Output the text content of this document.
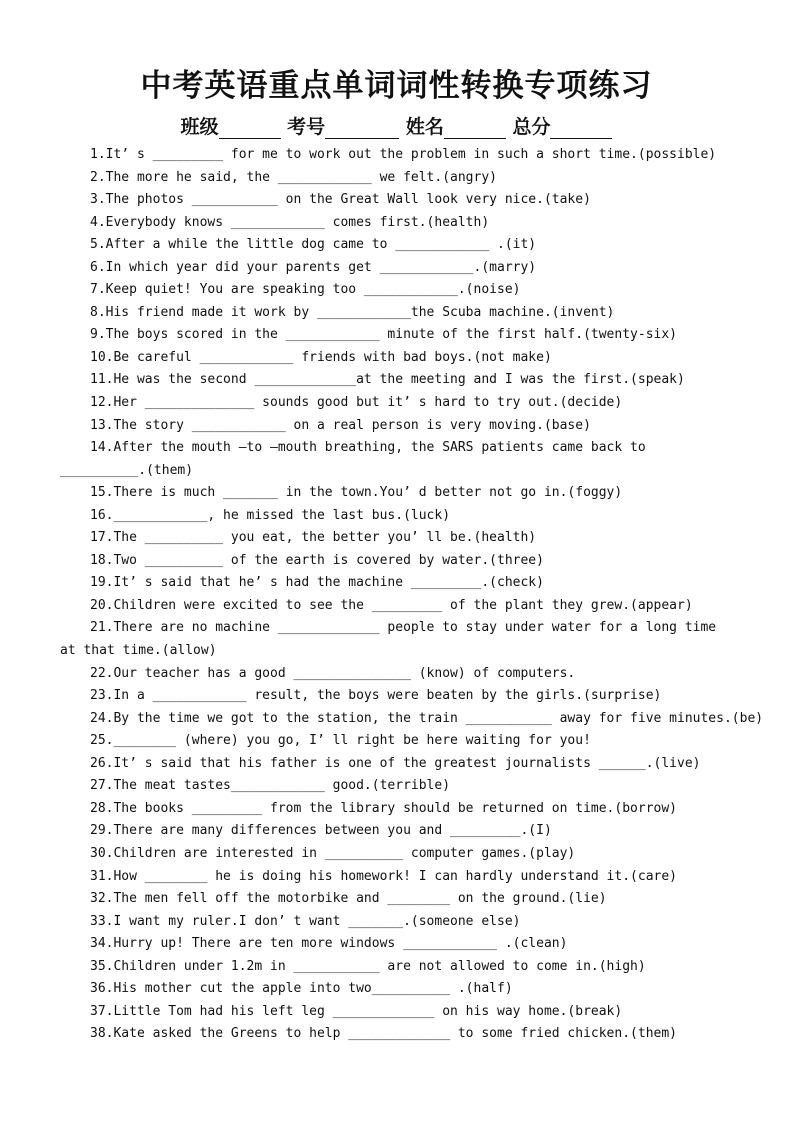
中考英语重点单词词性转换专项练习
班级	考号	姓名	总分
1.It’ s _________ for me to work out the problem in such a short time.(possible)
2.The more he said, the ____________ we felt.(angry)
3.The photos ___________ on the Great Wall look very nice.(take)
4.Everybody knows ____________ comes first.(health)
5.After a while the little dog came to ____________ .(it)
6.In which year did your parents get ____________.(marry)
7.Keep quiet! You are speaking too ____________.(noise)
8.His friend made it work by ____________the Scuba machine.(invent)
9.The boys scored in the ____________ minute of the first half.(twenty-six)
10.Be careful ____________ friends with bad boys.(not make)
11.He was the second _____________at the meeting and I was the first.(speak)
12.Her ______________ sounds good but it’ s hard to try out.(decide)
13.The story ____________ on a real person is very moving.(base)
14.After the mouth –to –mouth breathing, the SARS patients came back to __________.(them)
15.There is much _______ in the town.You’ d better not go in.(foggy)
16.____________, he missed the last bus.(luck)
17.The __________ you eat, the better you’ ll be.(health)
18.Two __________ of the earth is covered by water.(three)
19.It’ s said that he’ s had the machine _________.(check)
20.Children were excited to see the _________ of the plant they grew.(appear)
21.There are no machine _____________ people to stay under water for a long time at that time.(allow)
22.Our teacher has a good _______________ (know) of computers.
23.In a ____________ result, the boys were beaten by the girls.(surprise)
24.By the time we got to the station, the train ___________ away for five minutes.(be)
25.________ (where) you go, I’ ll right be here waiting for you!
26.It’ s said that his father is one of the greatest journalists ______.(live)
27.The meat tastes____________ good.(terrible)
28.The books _________ from the library should be returned on time.(borrow)
29.There are many differences between you and _________.(I)
30.Children are interested in __________ computer games.(play)
31.How ________ he is doing his homework! I can hardly understand it.(care)
32.The men fell off the motorbike and ________ on the ground.(lie)
33.I want my ruler.I don’ t want _______.(someone else)
34.Hurry up! There are ten more windows ____________ .(clean)
35.Children under 1.2m in ___________ are not allowed to come in.(high)
36.His mother cut the apple into two__________ .(half)
37.Little Tom had his left leg _____________ on his way home.(break)
38.Kate asked the Greens to help _____________ to some fried chicken.(them)
